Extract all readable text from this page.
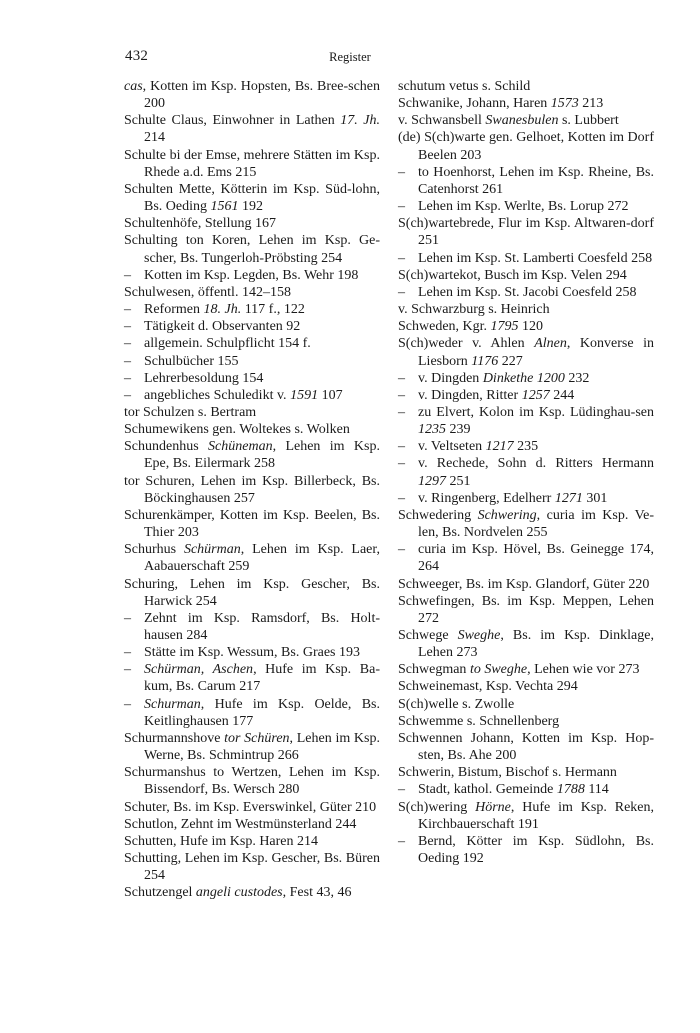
432	Register

cas, Kotten im Ksp. Hopsten, Bs. Bree-schen 200

Schulte Claus, Einwohner in Lathen 17. Jh. 214

Schulte bi der Emse, mehrere Stätten im Ksp. Rhede a.d. Ems 215

Schulten Mette, Kötterin im Ksp. Süd-lohn, Bs. Oeding 1561 192

Schultenhöfe, Stellung 167

Schulting ton Koren, Lehen im Ksp. Ge-scher, Bs. Tungerloh-Pröbsting 254

– Kotten im Ksp. Legden, Bs. Wehr 198

Schulwesen, öffentl. 142–158

– Reformen 18. Jh. 117 f., 122

– Tätigkeit d. Observanten 92

– allgemein. Schulpflicht 154 f.

– Schulbücher 155

– Lehrerbesoldung 154

– angebliches Schuledikt v. 1591 107

tor Schulzen s. Bertram

Schumewikens gen. Woltekes s. Wolken

Schundenhus Schüneman, Lehen im Ksp. Epe, Bs. Eilermark 258

tor Schuren, Lehen im Ksp. Billerbeck, Bs. Böckinghausen 257

Schurenkämper, Kotten im Ksp. Beelen, Bs. Thier 203

Schurhus Schürman, Lehen im Ksp. Laer, Aabauerschaft 259

Schuring, Lehen im Ksp. Gescher, Bs. Harwick 254

– Zehnt im Ksp. Ramsdorf, Bs. Holt-hausen 284

– Stätte im Ksp. Wessum, Bs. Graes 193

– Schürman, Aschen, Hufe im Ksp. Ba-kum, Bs. Carum 217

– Schurman, Hufe im Ksp. Oelde, Bs. Keitlinghausen 177

Schurmannshove tor Schüren, Lehen im Ksp. Werne, Bs. Schmintrup 266

Schurmanshus to Wertzen, Lehen im Ksp. Bissendorf, Bs. Wersch 280

Schuter, Bs. im Ksp. Everswinkel, Güter 210

Schutlon, Zehnt im Westmünsterland 244

Schutten, Hufe im Ksp. Haren 214

Schutting, Lehen im Ksp. Gescher, Bs. Büren 254

Schutzengel angeli custodes, Fest 43, 46

schutum vetus s. Schild

Schwanike, Johann, Haren 1573 213

v. Schwansbell Swanesbulen s. Lubbert

(de) S(ch)warte gen. Gelhoet, Kotten im Dorf Beelen 203

– to Hoenhorst, Lehen im Ksp. Rheine, Bs. Catenhorst 261

– Lehen im Ksp. Werlte, Bs. Lorup 272

S(ch)wartebrede, Flur im Ksp. Altwaren-dorf 251

– Lehen im Ksp. St. Lamberti Coesfeld 258

S(ch)wartekot, Busch im Ksp. Velen 294

– Lehen im Ksp. St. Jacobi Coesfeld 258

v. Schwarzburg s. Heinrich

Schweden, Kgr. 1795 120

S(ch)weder v. Ahlen Alnen, Konverse in Liesborn 1176 227

– v. Dingden Dinkethe 1200 232

– v. Dingden, Ritter 1257 244

– zu Elvert, Kolon im Ksp. Lüdinghau-sen 1235 239

– v. Veltseten 1217 235

– v. Rechede, Sohn d. Ritters Hermann 1297 251

– v. Ringenberg, Edelherr 1271 301

Schwedering Schwering, curia im Ksp. Ve-len, Bs. Nordvelen 255

– curia im Ksp. Hövel, Bs. Geinegge 174, 264

Schweeger, Bs. im Ksp. Glandorf, Güter 220

Schwefingen, Bs. im Ksp. Meppen, Lehen 272

Schwege Sweghe, Bs. im Ksp. Dinklage, Lehen 273

Schwegman to Sweghe, Lehen wie vor 273

Schweinemast, Ksp. Vechta 294

S(ch)welle s. Zwolle

Schwemme s. Schnellenberg

Schwennen Johann, Kotten im Ksp. Hop-sten, Bs. Ahe 200

Schwerin, Bistum, Bischof s. Hermann

– Stadt, kathol. Gemeinde 1788 114

S(ch)wering Hörne, Hufe im Ksp. Reken, Kirchbauerschaft 191

– Bernd, Kötter im Ksp. Südlohn, Bs. Oeding 192
